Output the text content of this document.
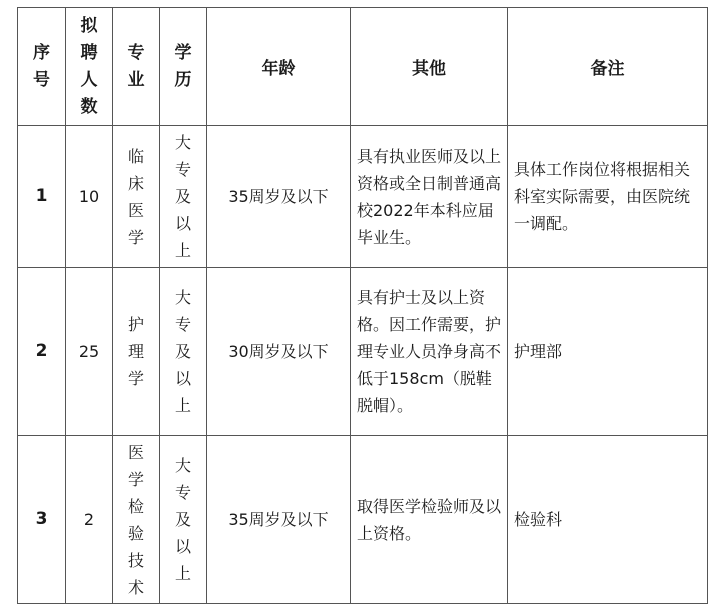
序号	拟聘人数	专业	学历	年龄	其他	备注
1	10	临床医学	大专及以上	35周岁及以下	具有执业医师及以上资格或全日制普通高校2022年本科应届毕业生。	具体工作岗位将根据相关科室实际需要，由医院统一调配。
2	25	护理学	大专及以上	30周岁及以下	具有护士及以上资格。因工作需要，护理专业人员净身高不低于158cm（脱鞋脱帽）。	护理部
3	2	医学检验技术	大专及以上	35周岁及以下	取得医学检验师及以上资格。	检验科
